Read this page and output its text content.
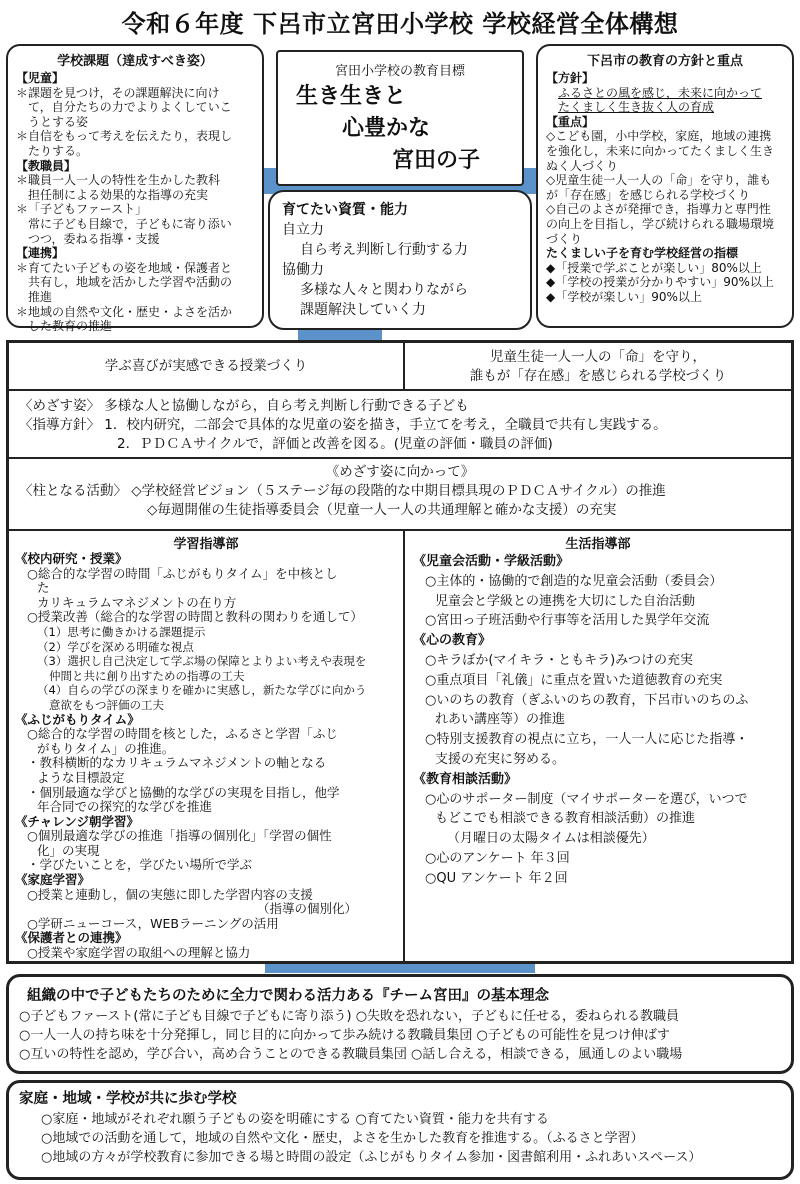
令和６年度 下呂市立宮田小学校 学校経営全体構想
学校課題（達成すべき姿）
【児童】
＊課題を見つけ，その課題解決に向け
て，自分たちの力でよりよくしていこ
うとする姿
＊自信をもって考えを伝えたり，表現し
たりする。
【教職員】
＊職員一人一人の特性を生かした教科
担任制による効果的な指導の充実
＊「子どもファースト」
常に子ども目線で，子どもに寄り添い
つつ，委ねる指導・支援
【連携】
＊育てたい子どもの姿を地域・保護者と
共有し，地域を活かした学習や活動の
推進
＊地域の自然や文化・歴史・よさを活か
した教育の推進
宮田小学校の教育目標
生き生きと
心豊かな
宮田の子
育てたい資質・能力
自立力
自ら考え判断し行動する力
協働力
多様な人々と関わりながら
課題解決していく力
下呂市の教育の方針と重点
【方針】
ふるさとの風を感じ，未来に向かって
たくましく生き抜く人の育成
【重点】
◇こども園，小中学校，家庭，地域の連携
を強化し，未来に向かってたくましく生き
ぬく人づくり
◇児童生徒一人一人の「命」を守り，誰も
が「存在感」を感じられる学校づくり
◇自己のよさが発揮でき，指導力と専門性
の向上を目指し，学び続けられる職場環境
づくり
たくましい子を育む学校経営の指標
◆「授業で学ぶことが楽しい」80%以上
◆「学校の授業が分かりやすい」90%以上
◆「学校が楽しい」90%以上
学ぶ喜びが実感できる授業づくり
児童生徒一人一人の「命」を守り，
誰もが「存在感」を感じられる学校づくり
〈めざす姿〉 多様な人と協働しながら，自ら考え判断し行動できる子ども
〈指導方針〉 1．校内研究，二部会で具体的な児童の姿を描き，手立てを考え，全職員で共有し実践する。
2．ＰＤＣＡサイクルで，評価と改善を図る。(児童の評価・職員の評価)
《めざす姿に向かって》
〈柱となる活動〉 ◇学校経営ビジョン（５ステージ毎の段階的な中期目標具現のＰＤＣＡサイクル）の推進
◇毎週開催の生徒指導委員会（児童一人一人の共通理解と確かな支援）の充実
学習指導部
《校内研究・授業》
○総合的な学習の時間「ふじがもりタイム」を中核とし
た
カリキュラムマネジメントの在り方
○授業改善（総合的な学習の時間と教科の関わりを通して）
（1）思考に働きかける課題提示
（2）学びを深める明確な視点
（3）選択し自己決定して学ぶ場の保障とよりよい考えや表現を
仲間と共に創り出すための指導の工夫
（4）自らの学びの深まりを確かに実感し，新たな学びに向かう
意欲をもつ評価の工夫
《ふじがもりタイム》
○総合的な学習の時間を核とした，ふるさと学習「ふじ
がもりタイム」の推進。
・教科横断的なカリキュラムマネジメントの軸となる
ような目標設定
・個別最適な学びと協働的な学びの実現を目指し，他学
年合同での探究的な学びを推進
《チャレンジ朝学習》
○個別最適な学びの推進「指導の個別化」「学習の個性
化」の実現
・学びたいことを，学びたい場所で学ぶ
《家庭学習》
○授業と連動し，個の実態に即した学習内容の支援
（指導の個別化）
○学研ニューコース，WEBラーニングの活用
《保護者との連携》
○授業や家庭学習の取組への理解と協力
生活指導部
《児童会活動・学級活動》
○主体的・協働的で創造的な児童会活動（委員会）
児童会と学級との連携を大切にした自治活動
○宮田っ子班活動や行事等を活用した異学年交流
《心の教育》
○キラぼか(マイキラ・ともキラ)みつけの充実
○重点項目「礼儀」に重点を置いた道徳教育の充実
○いのちの教育（ぎふいのちの教育，下呂市いのちのふ
れあい講座等）の推進
○特別支援教育の視点に立ち，一人一人に応じた指導・
支援の充実に努める。
《教育相談活動》
○心のサポーター制度（マイサポーターを選び，いつで
もどこでも相談できる教育相談活動）の推進
（月曜日の太陽タイムは相談優先）
○心のアンケート 年３回
○QU アンケート 年２回
組織の中で子どもたちのために全力で関わる活力ある『チーム宮田』の基本理念
○子どもファースト(常に子ども目線で子どもに寄り添う) ○失敗を恐れない，子どもに任せる，委ねられる教職員
○一人一人の持ち味を十分発揮し，同じ目的に向かって歩み続ける教職員集団 ○子どもの可能性を見つけ伸ばす
○互いの特性を認め，学び合い，高め合うことのできる教職員集団 ○話し合える，相談できる，風通しのよい職場
家庭・地域・学校が共に歩む学校
○家庭・地域がそれぞれ願う子どもの姿を明確にする ○育てたい資質・能力を共有する
○地域での活動を通して，地域の自然や文化・歴史，よさを生かした教育を推進する。（ふるさと学習）
○地域の方々が学校教育に参加できる場と時間の設定（ふじがもりタイム参加・図書館利用・ふれあいスペース）
